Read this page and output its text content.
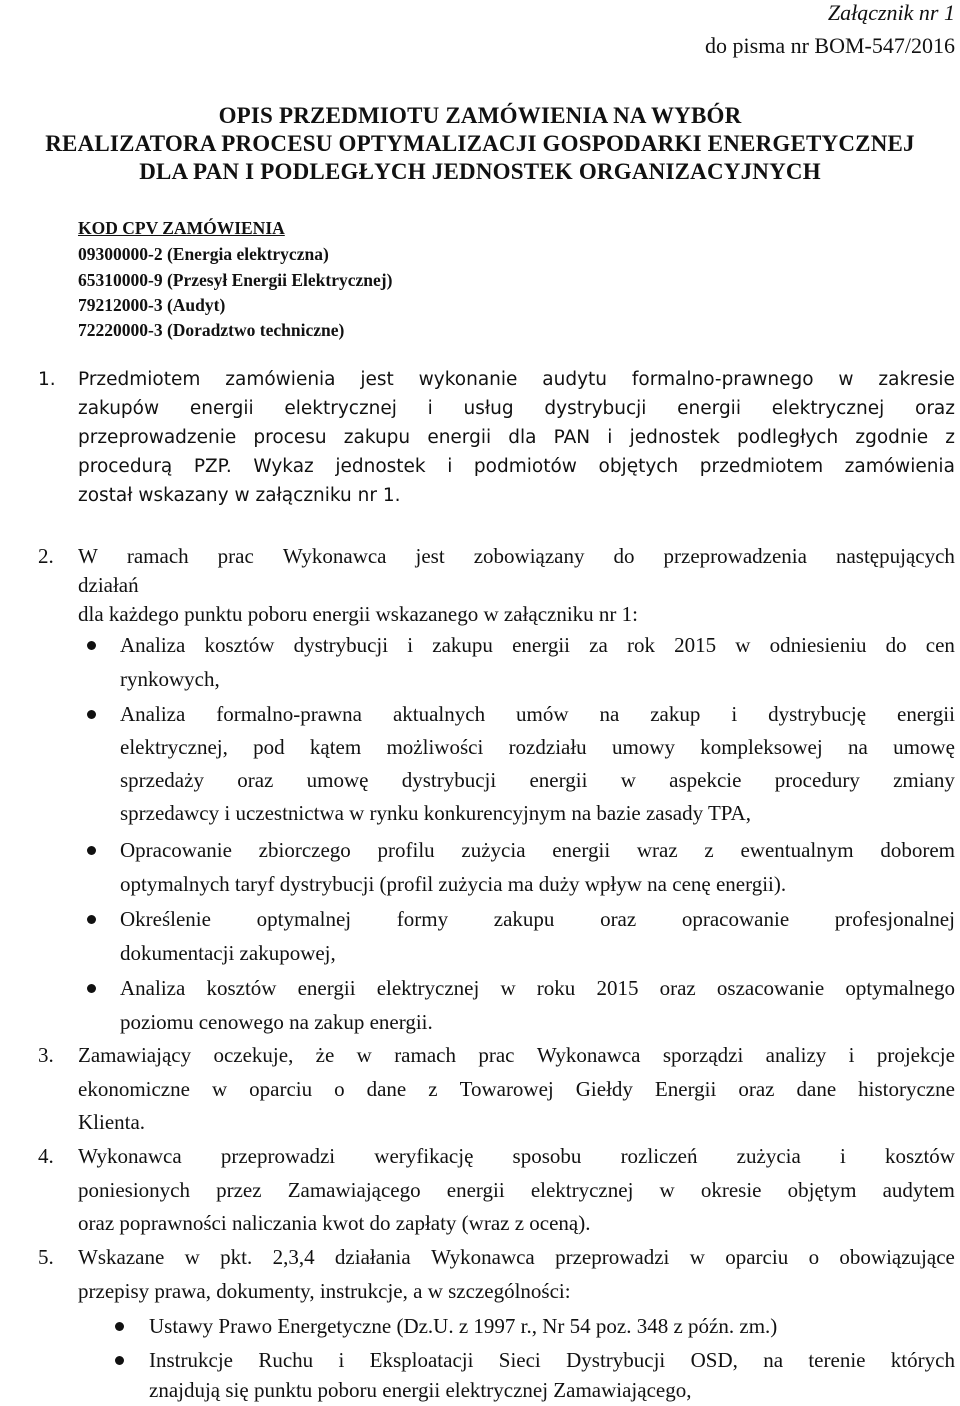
Załącznik nr 1
do pisma nr BOM-547/2016
OPIS PRZEDMIOTU ZAMÓWIENIA NA WYBÓR
REALIZATORA PROCESU OPTYMALIZACJI GOSPODARKI ENERGETYCZNEJ
DLA PAN I PODLEGŁYCH JEDNOSTEK ORGANIZACYJNYCH
KOD CPV ZAMÓWIENIA
09300000-2 (Energia elektryczna)
65310000-9 (Przesył Energii Elektrycznej)
79212000-3 (Audyt)
72220000-3 (Doradztwo techniczne)
1. Przedmiotem zamówienia jest wykonanie audytu formalno-prawnego w zakresie
zakupów energii elektrycznej i usług dystrybucji energii elektrycznej oraz
przeprowadzenie procesu zakupu energii dla PAN i jednostek podległych zgodnie z
procedurą PZP. Wykaz jednostek i podmiotów objętych przedmiotem zamówienia
został wskazany w załączniku nr 1.
2. W ramach prac Wykonawca jest zobowiązany do przeprowadzenia następujących
działań
dla każdego punktu poboru energii wskazanego w załączniku nr 1:
Analiza kosztów dystrybucji i zakupu energii za rok 2015 w odniesieniu do cen
rynkowych,
Analiza formalno-prawna aktualnych umów na zakup i dystrybucję energii
elektrycznej, pod kątem możliwości rozdziału umowy kompleksowej na umowę
sprzedaży oraz umowę dystrybucji energii w aspekcie procedury zmiany
sprzedawcy i uczestnictwa w rynku konkurencyjnym na bazie zasady TPA,
Opracowanie zbiorczego profilu zużycia energii wraz z ewentualnym doborem
optymalnych taryf dystrybucji (profil zużycia ma duży wpływ na cenę energii).
Określenie optymalnej formy zakupu oraz opracowanie profesjonalnej
dokumentacji zakupowej,
Analiza kosztów energii elektrycznej w roku 2015 oraz oszacowanie optymalnego
poziomu cenowego na zakup energii.
3. Zamawiający oczekuje, że w ramach prac Wykonawca sporządzi analizy i projekcje
ekonomiczne w oparciu o dane z Towarowej Giełdy Energii oraz dane historyczne
Klienta.
4. Wykonawca przeprowadzi weryfikację sposobu rozliczeń zużycia i kosztów
poniesionych przez Zamawiającego energii elektrycznej w okresie objętym audytem
oraz poprawności naliczania kwot do zapłaty (wraz z oceną).
5. Wskazane w pkt. 2,3,4 działania Wykonawca przeprowadzi w oparciu o obowiązujące
przepisy prawa, dokumenty, instrukcje, a w szczególności:
Ustawy Prawo Energetyczne (Dz.U. z 1997 r., Nr 54 poz. 348 z późn. zm.)
Instrukcje Ruchu i Eksploatacji Sieci Dystrybucji OSD, na terenie których
znajdują się punktu poboru energii elektrycznej Zamawiającego,
